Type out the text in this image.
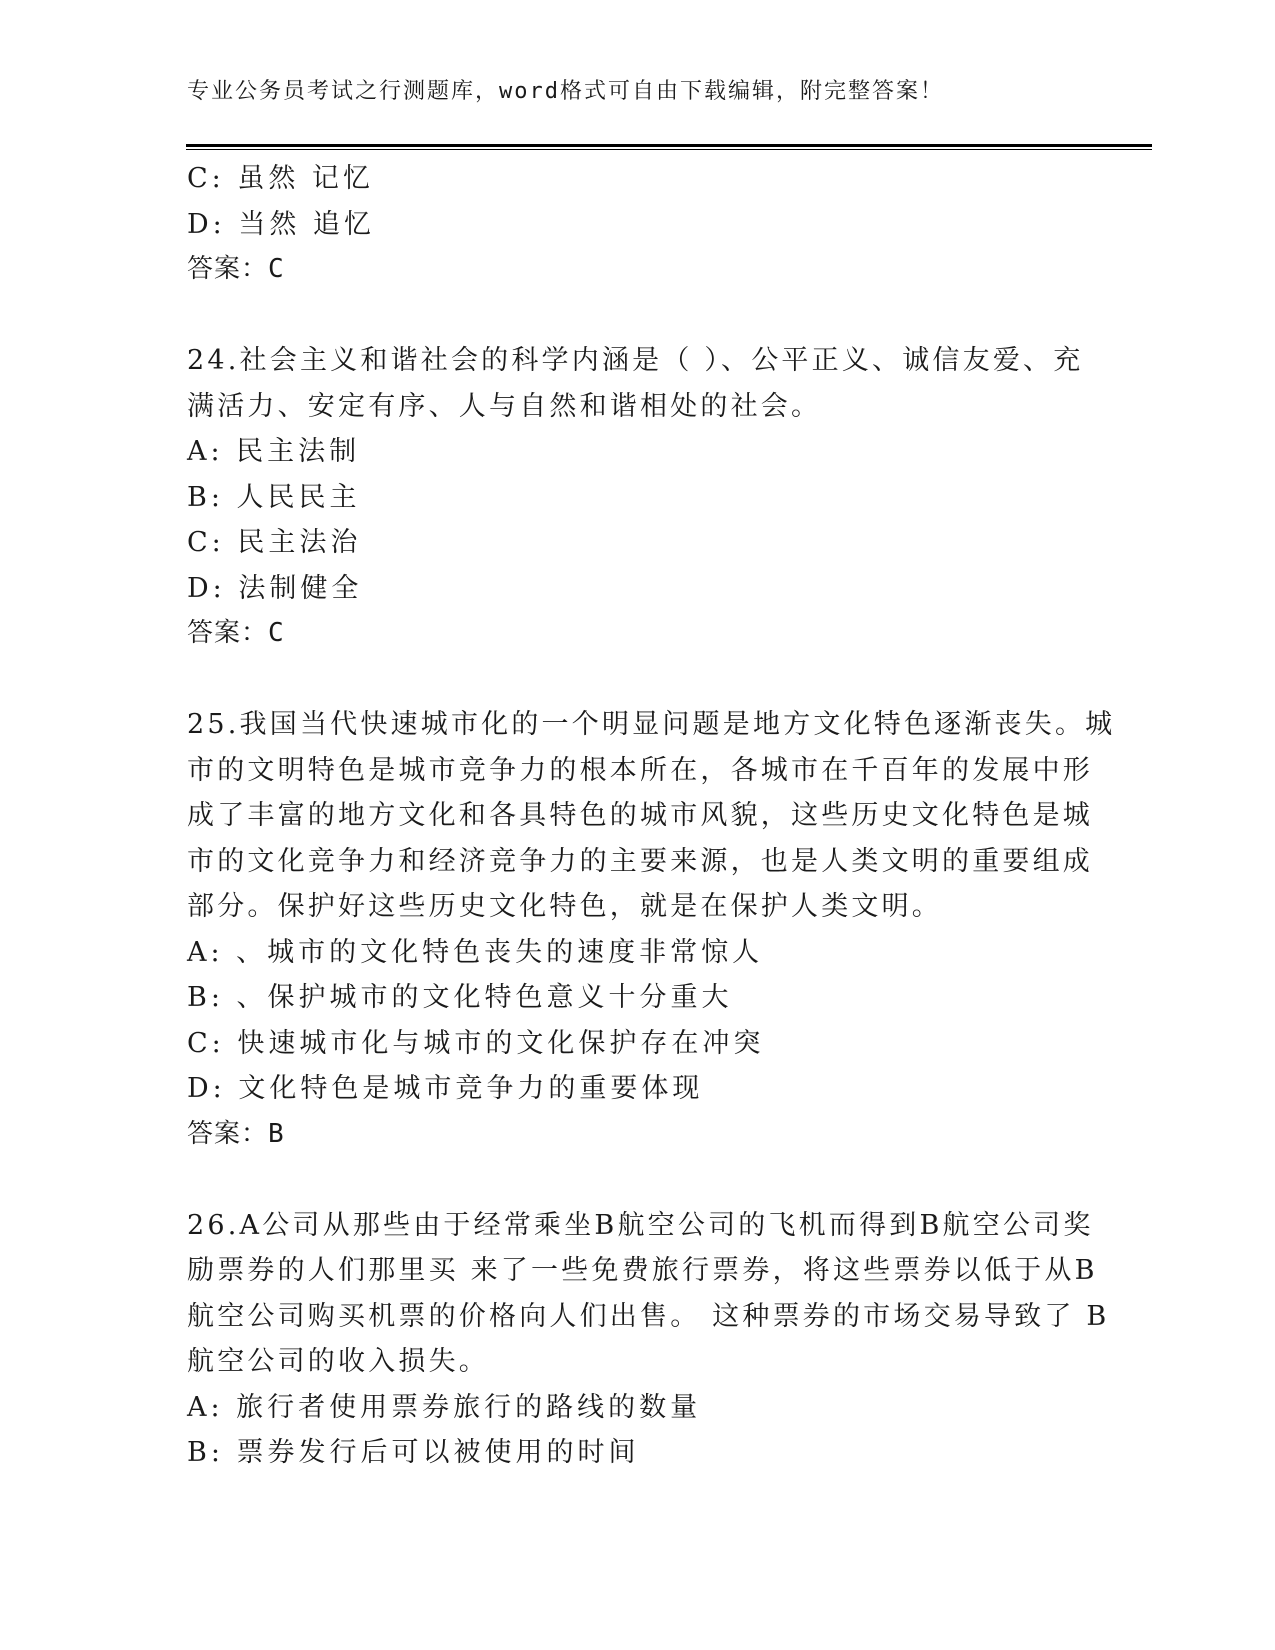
专业公务员考试之行测题库，word格式可自由下载编辑，附完整答案！
C: 虽然 记忆
D: 当然 追忆
答案：C
24.社会主义和谐社会的科学内涵是（ ）、公平正义、诚信友爱、充
满活力、安定有序、人与自然和谐相处的社会。
A: 民主法制
B: 人民民主
C: 民主法治
D: 法制健全
答案：C
25.我国当代快速城市化的一个明显问题是地方文化特色逐渐丧失。城
市的文明特色是城市竞争力的根本所在，各城市在千百年的发展中形
成了丰富的地方文化和各具特色的城市风貌，这些历史文化特色是城
市的文化竞争力和经济竞争力的主要来源，也是人类文明的重要组成
部分。保护好这些历史文化特色，就是在保护人类文明。
A: 、城市的文化特色丧失的速度非常惊人
B: 、保护城市的文化特色意义十分重大
C: 快速城市化与城市的文化保护存在冲突
D: 文化特色是城市竞争力的重要体现
答案：B
26.A公司从那些由于经常乘坐B航空公司的飞机而得到B航空公司奖
励票券的人们那里买 来了一些免费旅行票券，将这些票券以低于从B
航空公司购买机票的价格向人们出售。 这种票券的市场交易导致了 B
航空公司的收入损失。
A: 旅行者使用票券旅行的路线的数量
B: 票券发行后可以被使用的时间
